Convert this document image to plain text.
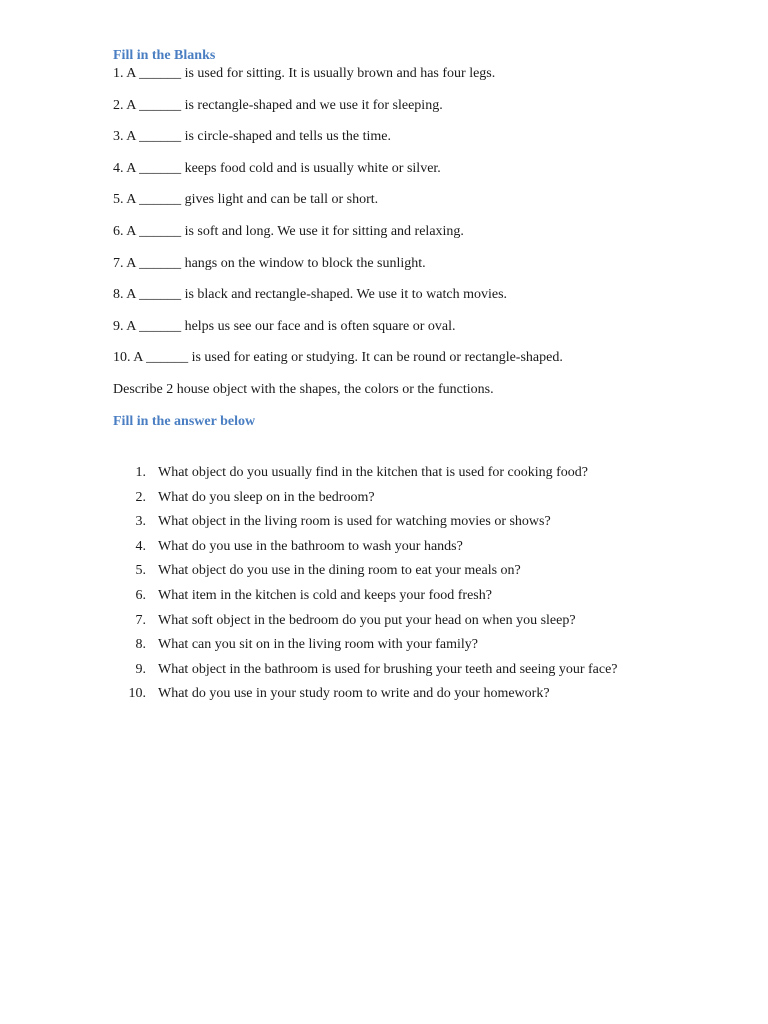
Fill in the Blanks

1. A ______ is used for sitting. It is usually brown and has four legs.

2. A ______ is rectangle-shaped and we use it for sleeping.

3. A ______ is circle-shaped and tells us the time.

4. A ______ keeps food cold and is usually white or silver.

5. A ______ gives light and can be tall or short.

6. A ______ is soft and long. We use it for sitting and relaxing.

7. A ______ hangs on the window to block the sunlight.

8. A ______ is black and rectangle-shaped. We use it to watch movies.

9. A ______ helps us see our face and is often square or oval.

10. A ______ is used for eating or studying. It can be round or rectangle-shaped.

Describe 2 house object with the shapes, the colors or the functions.

Fill in the answer below

1. What object do you usually find in the kitchen that is used for cooking food?
2. What do you sleep on in the bedroom?
3. What object in the living room is used for watching movies or shows?
4. What do you use in the bathroom to wash your hands?
5. What object do you use in the dining room to eat your meals on?
6. What item in the kitchen is cold and keeps your food fresh?
7. What soft object in the bedroom do you put your head on when you sleep?
8. What can you sit on in the living room with your family?
9. What object in the bathroom is used for brushing your teeth and seeing your face?
10. What do you use in your study room to write and do your homework?
